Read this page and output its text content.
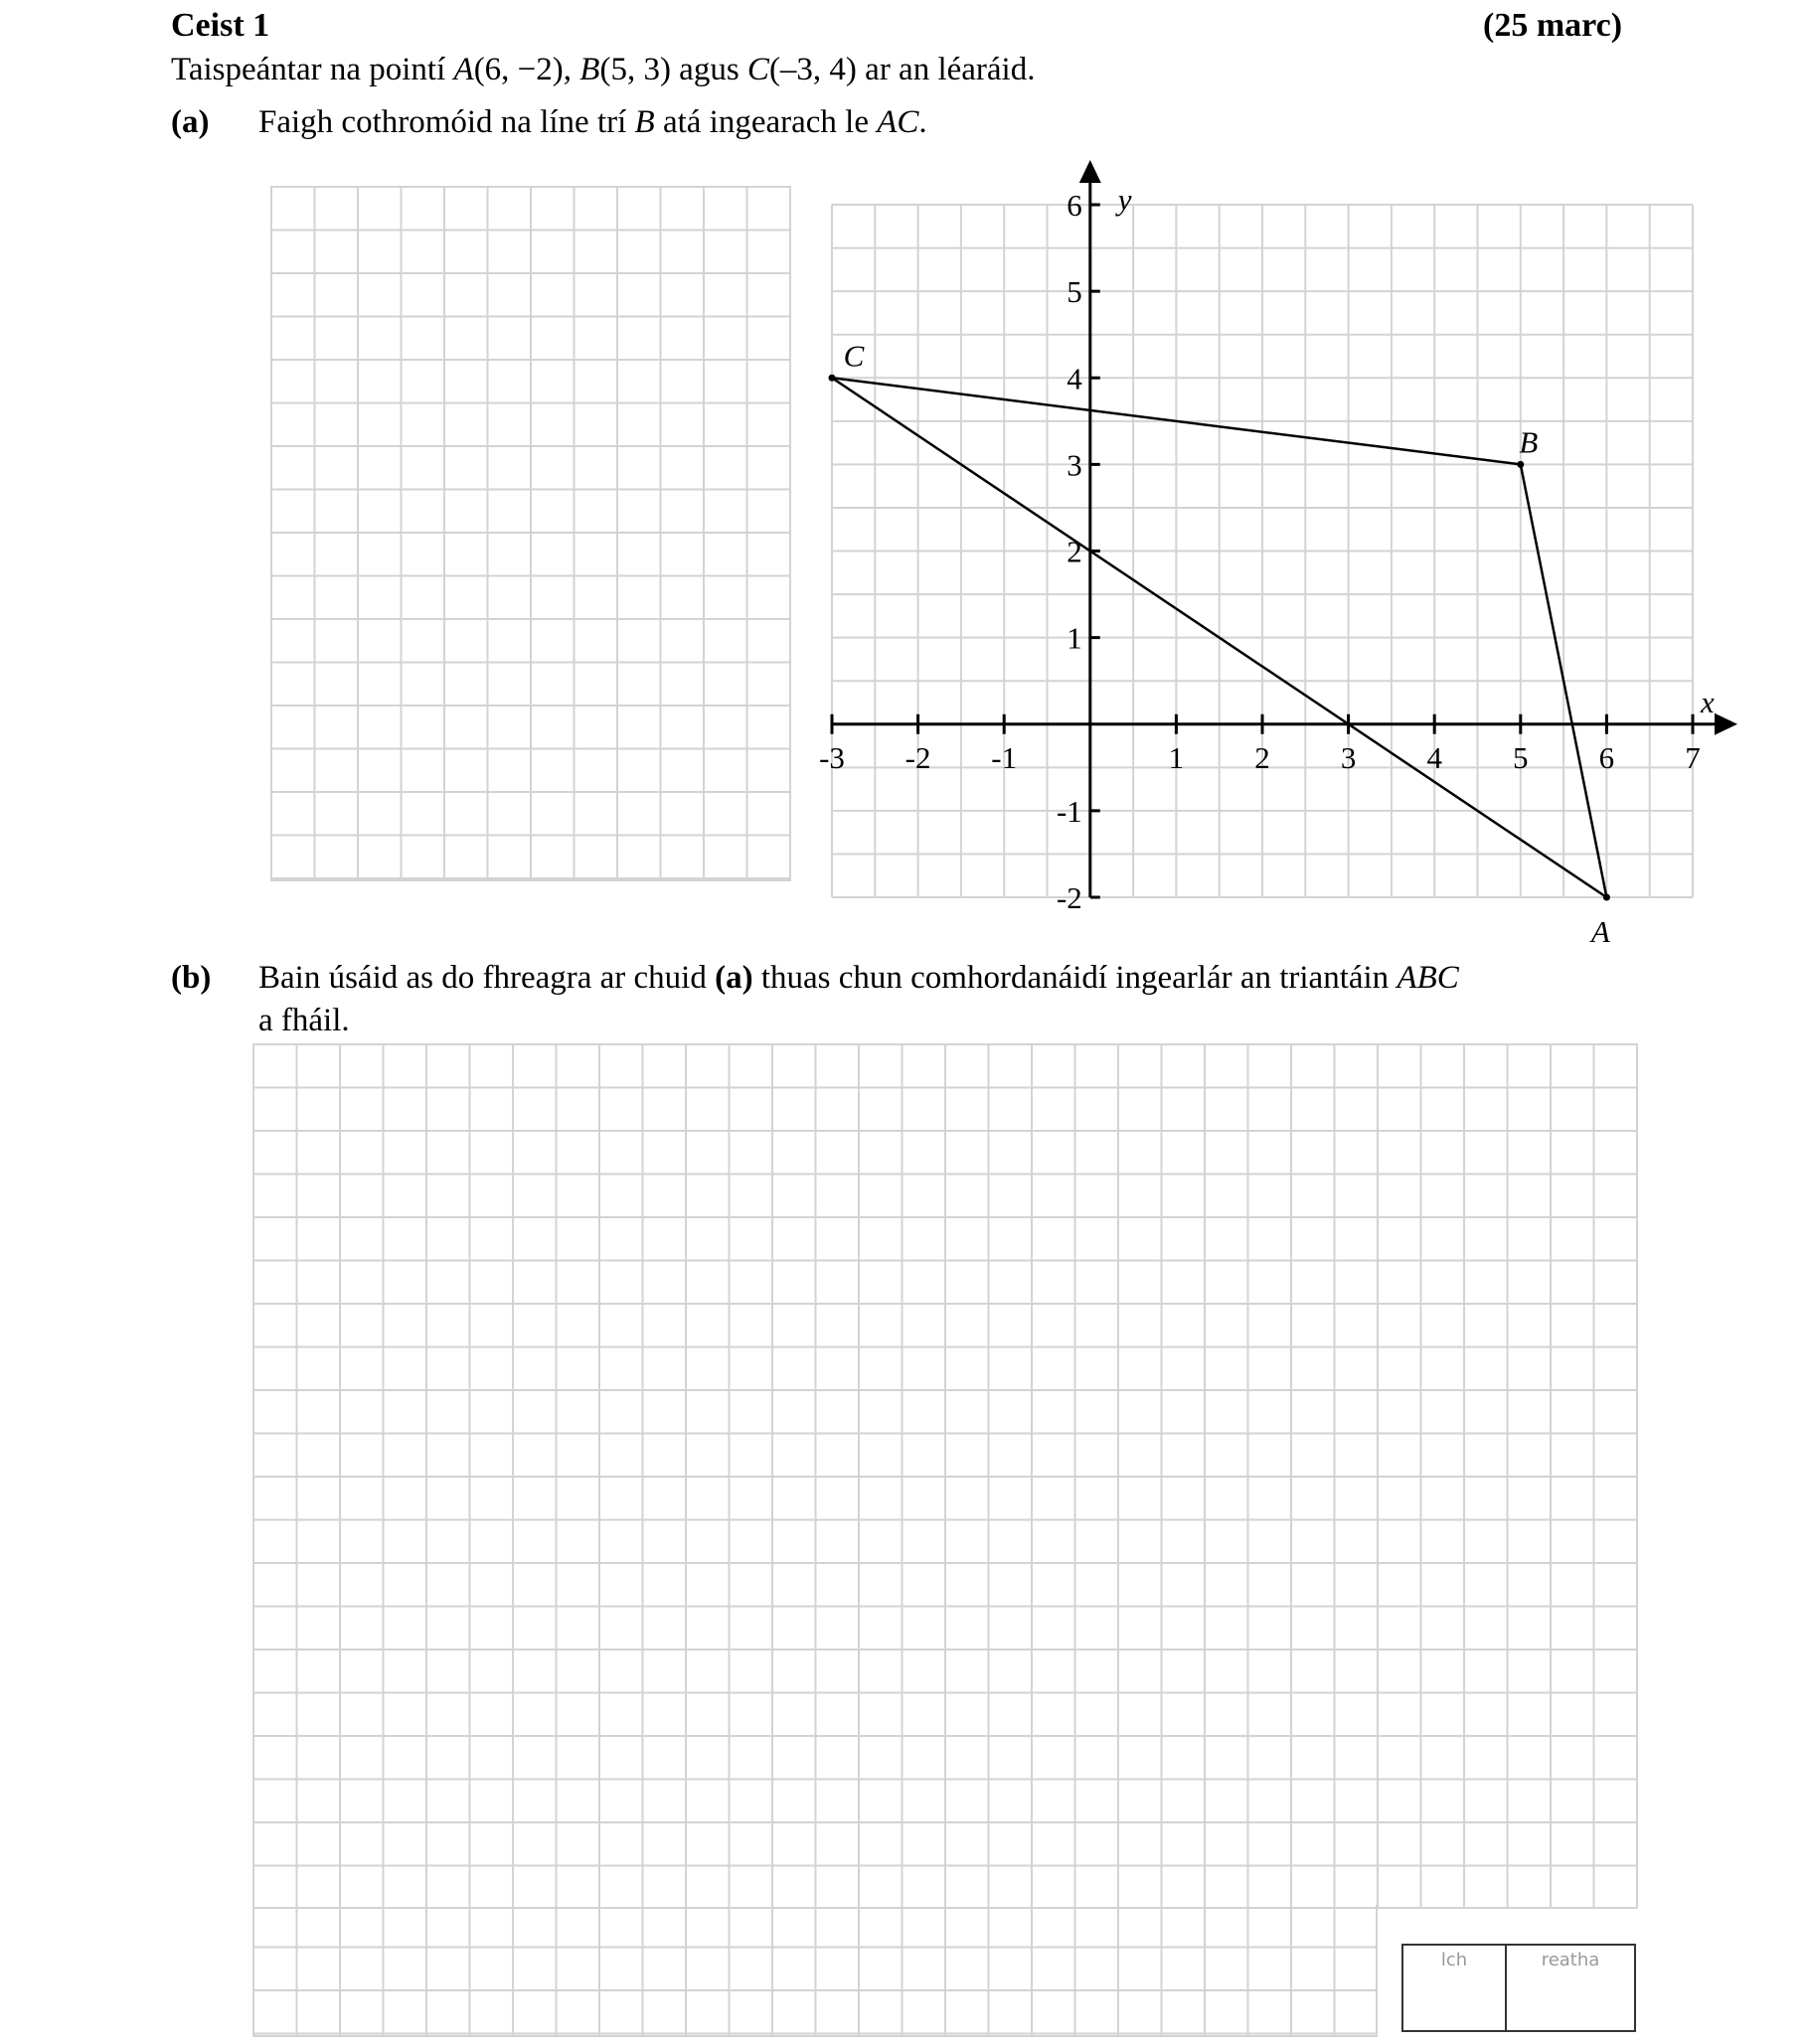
Ceist 1	(25 marc)
Taispeántar na pointí A(6, −2), B(5, 3) agus C(–3, 4) ar an léaráid.
(a) Faigh cothromóid na líne trí B atá ingearach le AC.
-3 -2 -1	1 2 3 4 5 6 7
6
5
4
3
2
1
-1
-2
x
y
A
B
C
(b) Bain úsáid as do fhreagra ar chuid (a) thuas chun comhordanáidí ingearlár an triantáin ABC
a fháil.
lch	reatha
